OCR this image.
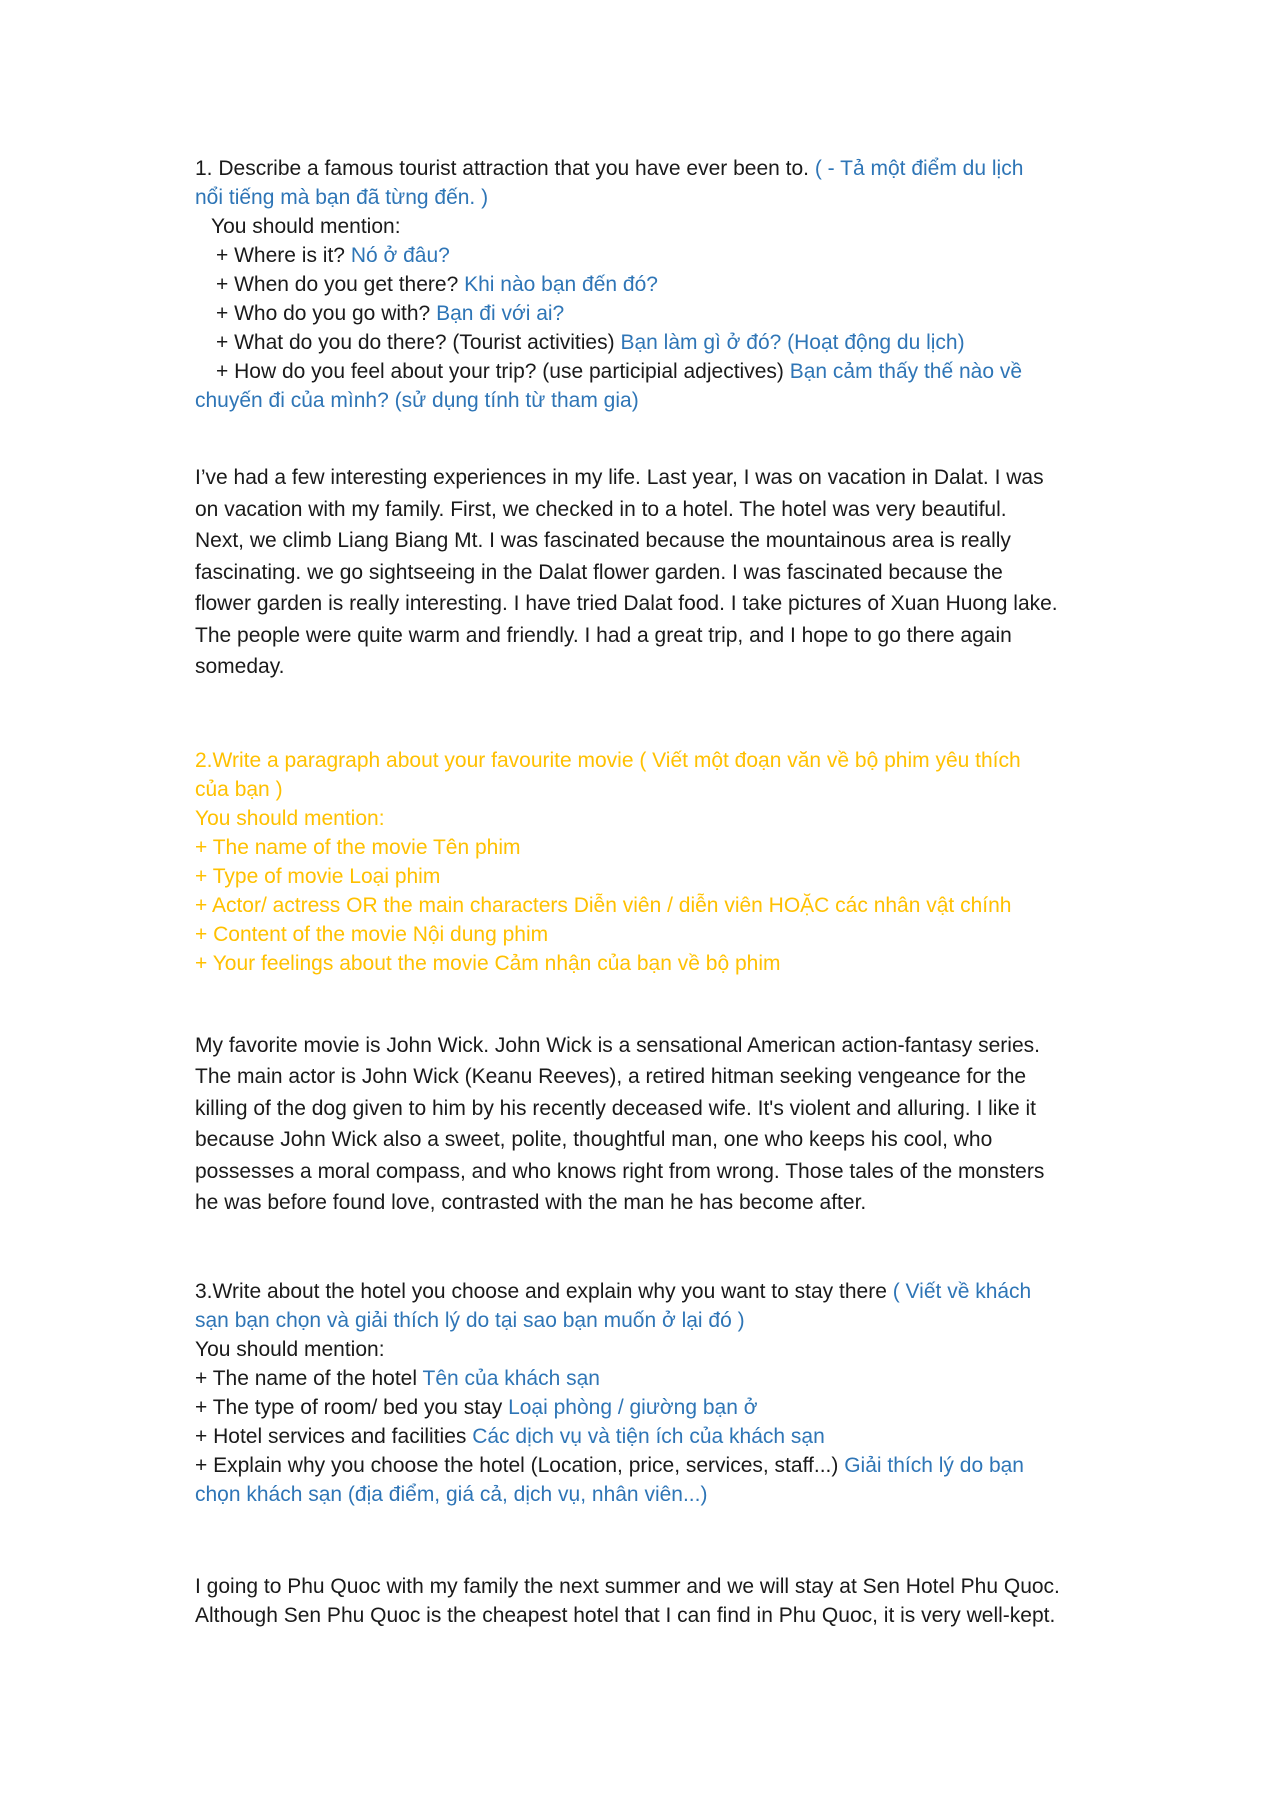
1. Describe a famous tourist attraction that you have ever been to. ( - Tả một điểm du lịch
nổi tiếng mà bạn đã từng đến. )
You should mention:
+ Where is it? Nó ở đâu?
+ When do you get there? Khi nào bạn đến đó?
+ Who do you go with? Bạn đi với ai?
+ What do you do there? (Tourist activities) Bạn làm gì ở đó? (Hoạt động du lịch)
+ How do you feel about your trip? (use participial adjectives) Bạn cảm thấy thế nào về
chuyến đi của mình? (sử dụng tính từ tham gia)
I’ve had a few interesting experiences in my life. Last year, I was on vacation in Dalat. I was
on vacation with my family. First, we checked in to a hotel. The hotel was very beautiful.
Next, we climb Liang Biang Mt. I was fascinated because the mountainous area is really
fascinating. we go sightseeing in the Dalat flower garden. I was fascinated because the
flower garden is really interesting. I have tried Dalat food. I take pictures of Xuan Huong lake.
The people were quite warm and friendly. I had a great trip, and I hope to go there again
someday.
2.Write a paragraph about your favourite movie ( Viết một đoạn văn về bộ phim yêu thích
của bạn )
You should mention:
+ The name of the movie Tên phim
+ Type of movie Loại phim
+ Actor/ actress OR the main characters Diễn viên / diễn viên HOẶC các nhân vật chính
+ Content of the movie Nội dung phim
+ Your feelings about the movie Cảm nhận của bạn về bộ phim
My favorite movie is John Wick. John Wick is a sensational American action-fantasy series.
The main actor is John Wick (Keanu Reeves), a retired hitman seeking vengeance for the
killing of the dog given to him by his recently deceased wife. It's violent and alluring. I like it
because John Wick also a sweet, polite, thoughtful man, one who keeps his cool, who
possesses a moral compass, and who knows right from wrong. Those tales of the monsters
he was before found love, contrasted with the man he has become after.
3.Write about the hotel you choose and explain why you want to stay there ( Viết về khách
sạn bạn chọn và giải thích lý do tại sao bạn muốn ở lại đó )
You should mention:
+ The name of the hotel Tên của khách sạn
+ The type of room/ bed you stay Loại phòng / giường bạn ở
+ Hotel services and facilities Các dịch vụ và tiện ích của khách sạn
+ Explain why you choose the hotel (Location, price, services, staff...) Giải thích lý do bạn
chọn khách sạn (địa điểm, giá cả, dịch vụ, nhân viên...)
I going to Phu Quoc with my family the next summer and we will stay at Sen Hotel Phu Quoc.
Although Sen Phu Quoc is the cheapest hotel that I can find in Phu Quoc, it is very well-kept.
